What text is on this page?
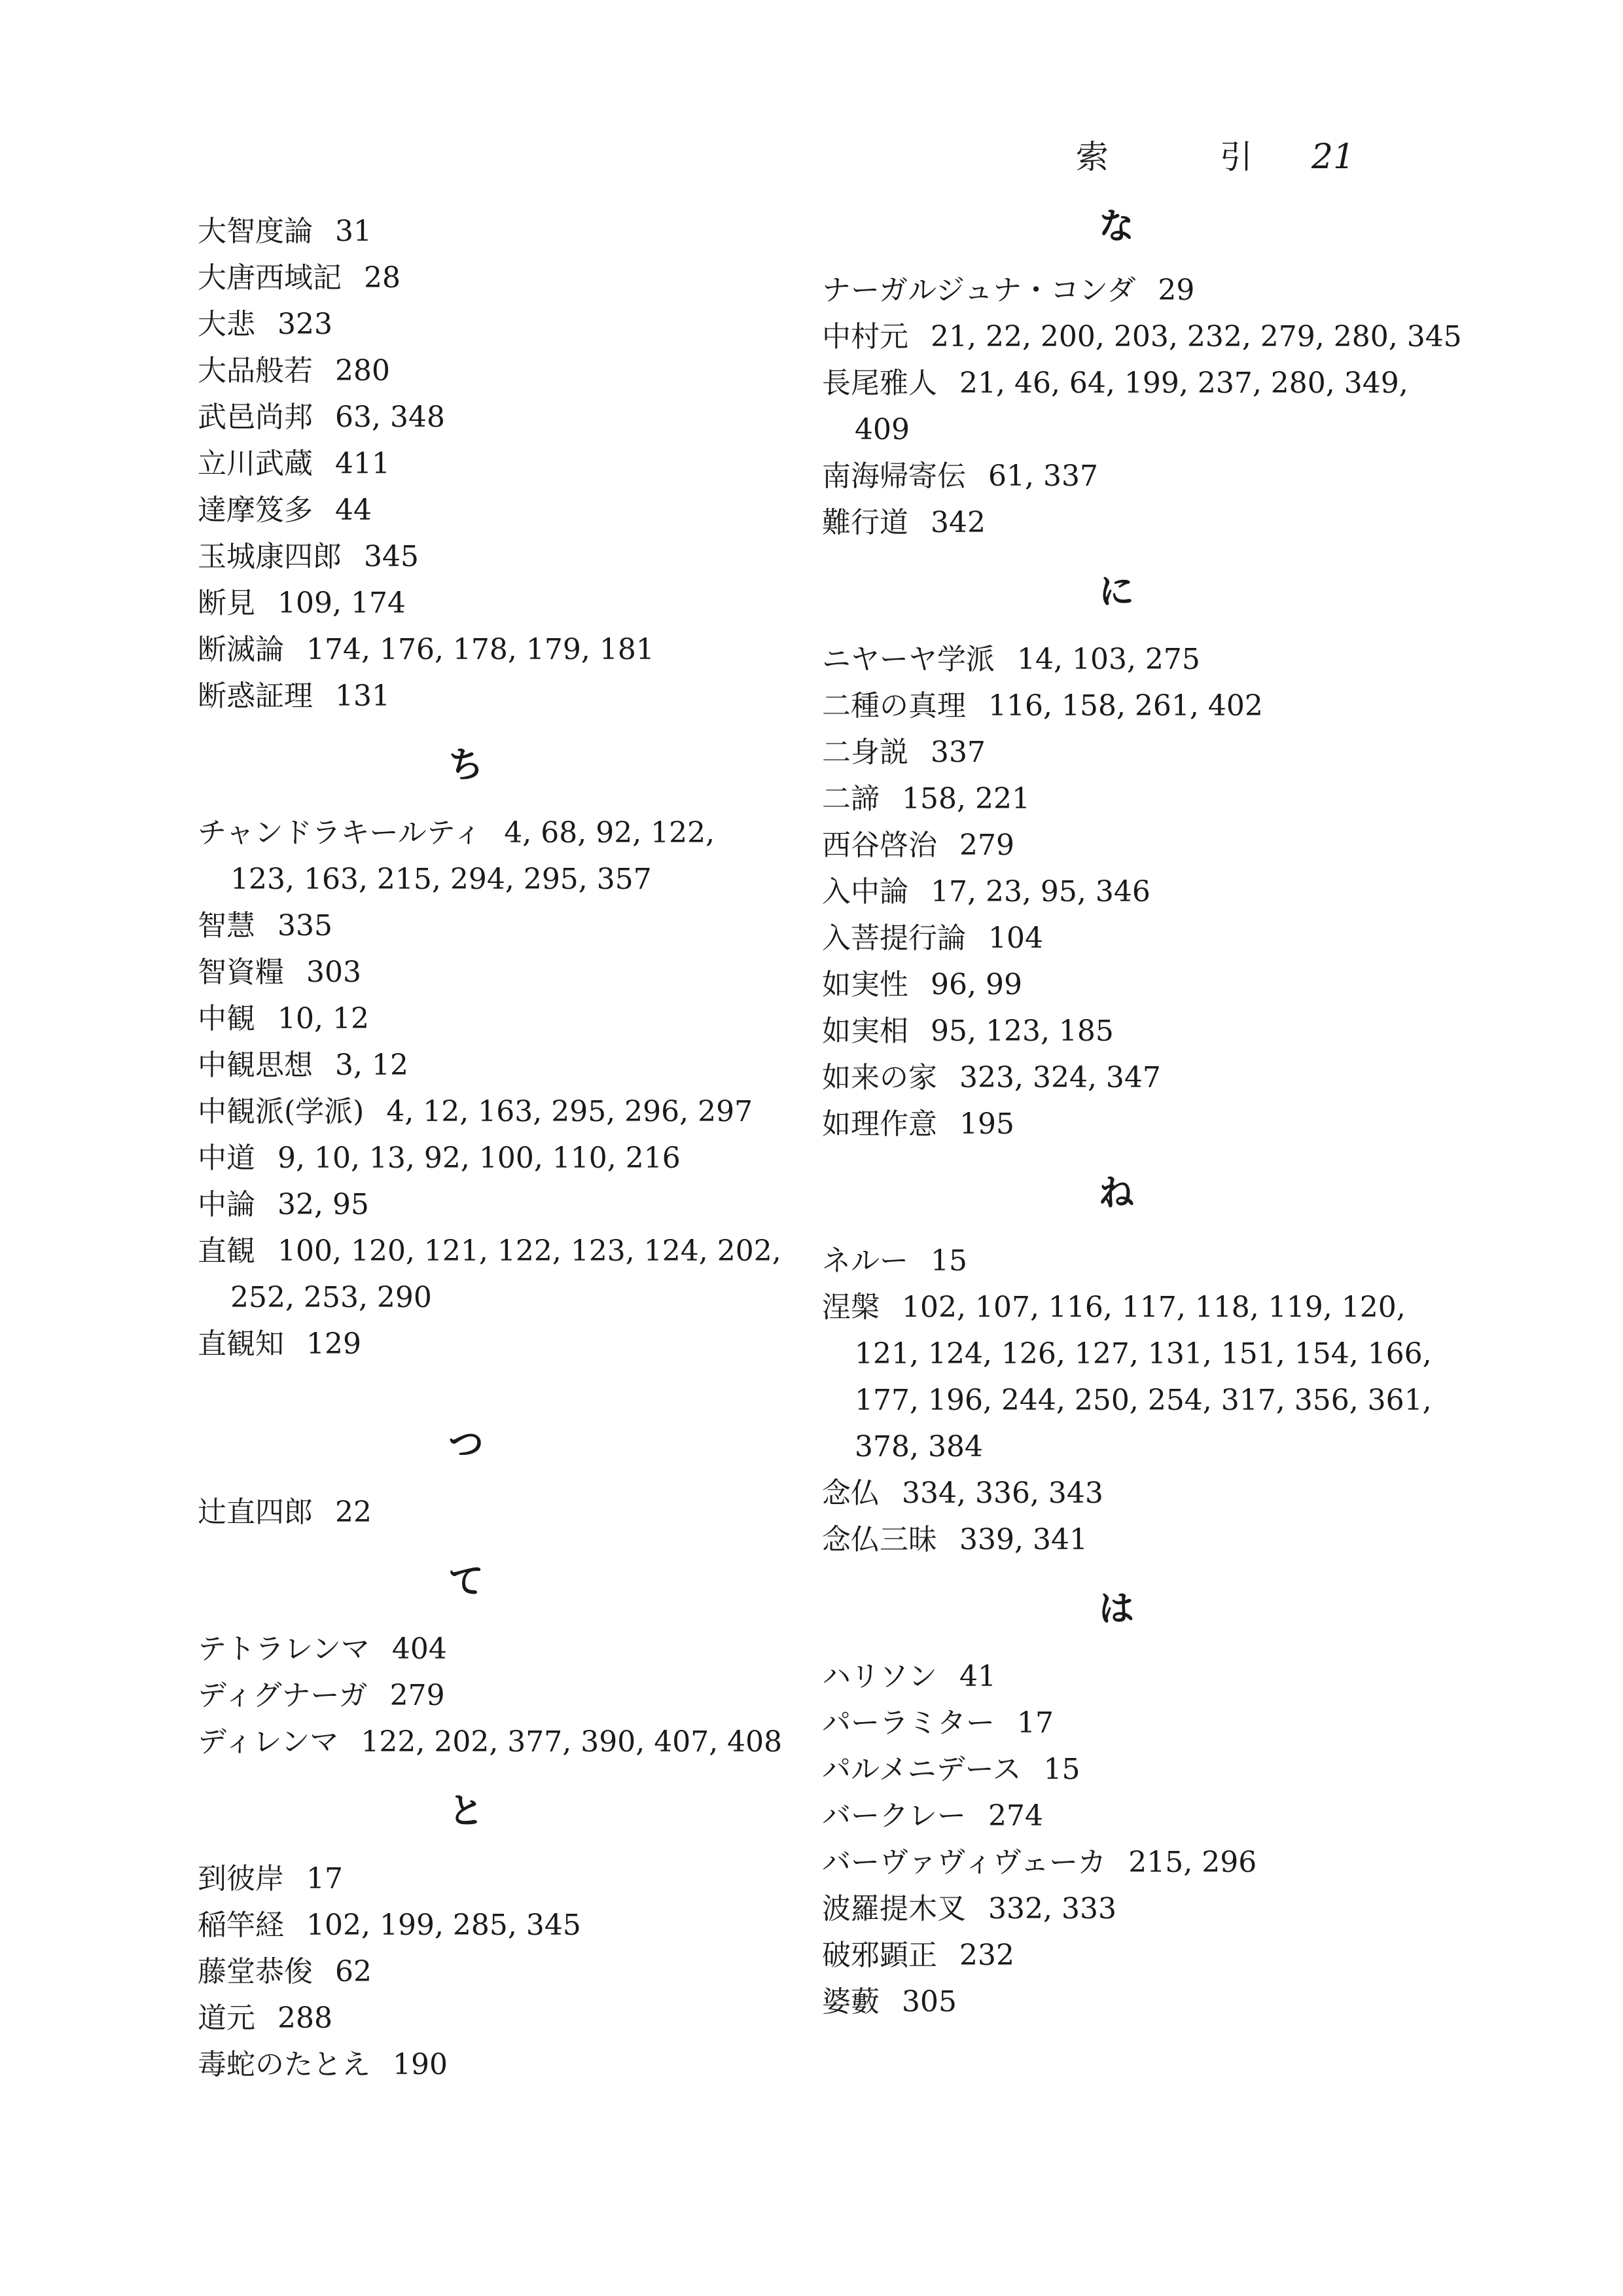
索　引 21
大智度論 31
大唐西域記 28
大悲 323
大品般若 280
武邑尚邦 63, 348
立川武蔵 411
達摩笈多 44
玉城康四郎 345
断見 109, 174
断滅論 174, 176, 178, 179, 181
断惑証理 131
ち
チャンドラキールティ 4, 68, 92, 122,
123, 163, 215, 294, 295, 357
智慧 335
智資糧 303
中観 10, 12
中観思想 3, 12
中観派(学派) 4, 12, 163, 295, 296, 297
中道 9, 10, 13, 92, 100, 110, 216
中論 32, 95
直観 100, 120, 121, 122, 123, 124, 202,
252, 253, 290
直観知 129
つ
辻直四郎 22
て
テトラレンマ 404
ディグナーガ 279
ディレンマ 122, 202, 377, 390, 407, 408
と
到彼岸 17
稲竿経 102, 199, 285, 345
藤堂恭俊 62
道元 288
毒蛇のたとえ 190
な
ナーガルジュナ・コンダ 29
中村元 21, 22, 200, 203, 232, 279, 280, 345
長尾雅人 21, 46, 64, 199, 237, 280, 349,
409
南海帰寄伝 61, 337
難行道 342
に
ニヤーヤ学派 14, 103, 275
二種の真理 116, 158, 261, 402
二身説 337
二諦 158, 221
西谷啓治 279
入中論 17, 23, 95, 346
入菩提行論 104
如実性 96, 99
如実相 95, 123, 185
如来の家 323, 324, 347
如理作意 195
ね
ネルー 15
涅槃 102, 107, 116, 117, 118, 119, 120,
121, 124, 126, 127, 131, 151, 154, 166,
177, 196, 244, 250, 254, 317, 356, 361,
378, 384
念仏 334, 336, 343
念仏三昧 339, 341
は
ハリソン 41
パーラミター 17
パルメニデース 15
バークレー 274
バーヴァヴィヴェーカ 215, 296
波羅提木叉 332, 333
破邪顕正 232
婆藪 305
